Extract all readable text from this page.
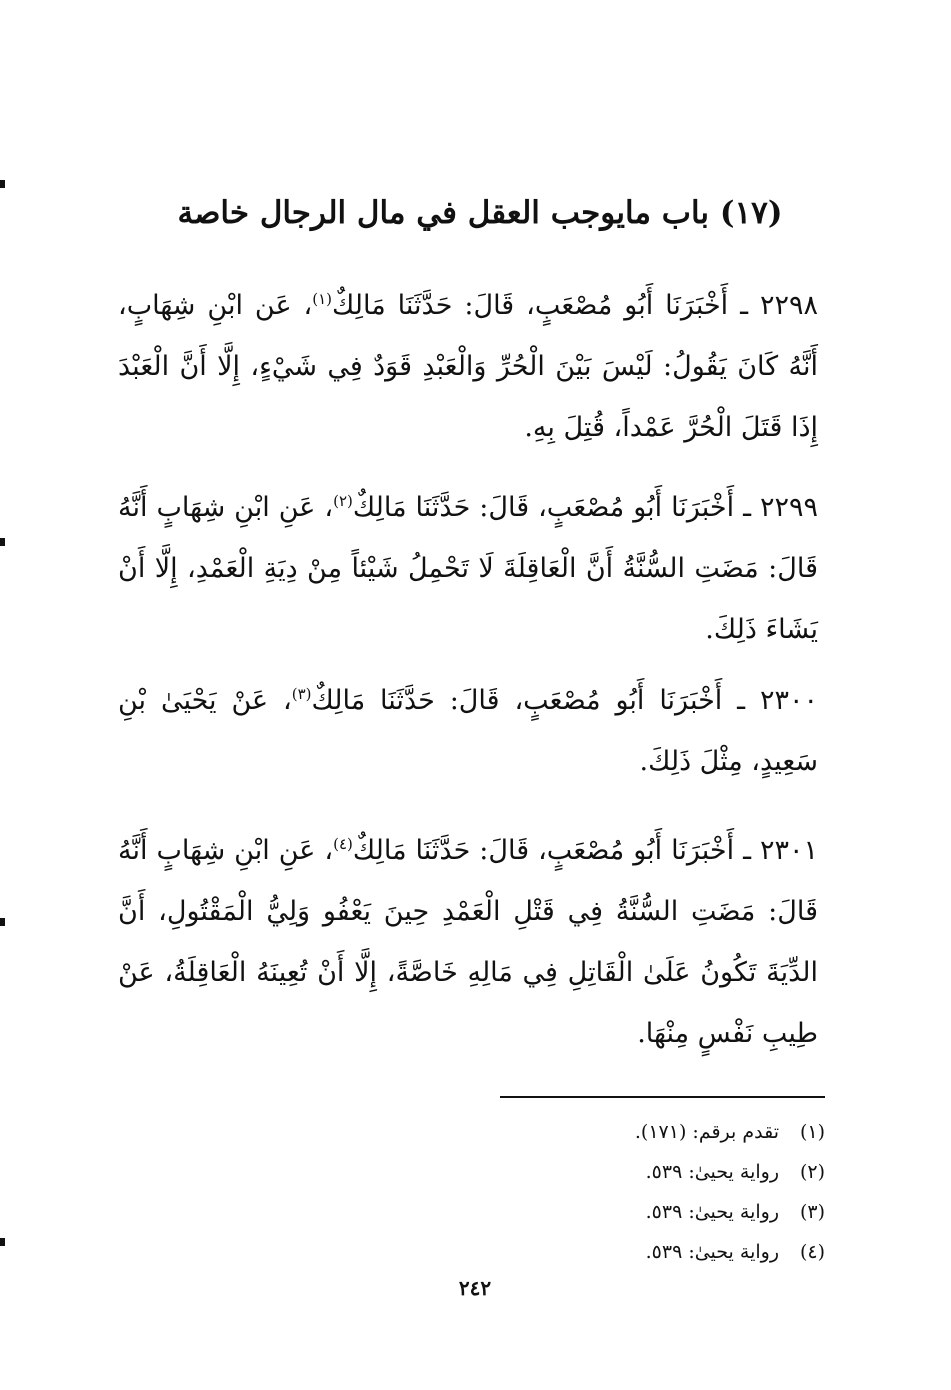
(١٧) باب مايوجب العقل في مال الرجال خاصة

٢٢٩٨ ـ أَخْبَرَنَا أَبُو مُصْعَبٍ، قَالَ: حَدَّثَنَا مَالِكٌ$^{(١)}$، عَن ابْنِ شِهَابٍ، أَنَّهُ كَانَ يَقُولُ: لَيْسَ بَيْنَ الْحُرِّ وَالْعَبْدِ قَوَدٌ فِي شَيْءٍ، إِلَّا أَنَّ الْعَبْدَ إِذَا قَتَلَ الْحُرَّ عَمْداً، قُتِلَ بِهِ.

٢٢٩٩ ـ أَخْبَرَنَا أَبُو مُصْعَبٍ، قَالَ: حَدَّثَنَا مَالِكٌ$^{(٢)}$، عَنِ ابْنِ شِهَابٍ أَنَّهُ قَالَ: مَضَتِ السُّنَّةُ أَنَّ الْعَاقِلَةَ لَا تَحْمِلُ شَيْئاً مِنْ دِيَةِ الْعَمْدِ، إِلَّا أَنْ يَشَاءَ ذَلِكَ.

٢٣٠٠ ـ أَخْبَرَنَا أَبُو مُصْعَبٍ، قَالَ: حَدَّثَنَا مَالِكٌ$^{(٣)}$، عَنْ يَحْيَىٰ بْنِ سَعِيدٍ، مِثْلَ ذَلِكَ.

٢٣٠١ ـ أَخْبَرَنَا أَبُو مُصْعَبٍ، قَالَ: حَدَّثَنَا مَالِكٌ$^{(٤)}$، عَنِ ابْنِ شِهَابٍ أَنَّهُ قَالَ: مَضَتِ السُّنَّةُ فِي قَتْلِ الْعَمْدِ حِينَ يَعْفُو وَلِيُّ الْمَقْتُولِ، أَنَّ الدِّيَةَ تَكُونُ عَلَىٰ الْقَاتِلِ فِي مَالِهِ خَاصَّةً، إِلَّا أَنْ تُعِينَهُ الْعَاقِلَةُ، عَنْ طِيبِ نَفْسٍ مِنْهَا.

(١)تقدم برقم: (١٧١).
(٢)رواية يحيىٰ: ٥٣٩.
(٣)رواية يحيىٰ: ٥٣٩.
(٤)رواية يحيىٰ: ٥٣٩.

٢٤٢
